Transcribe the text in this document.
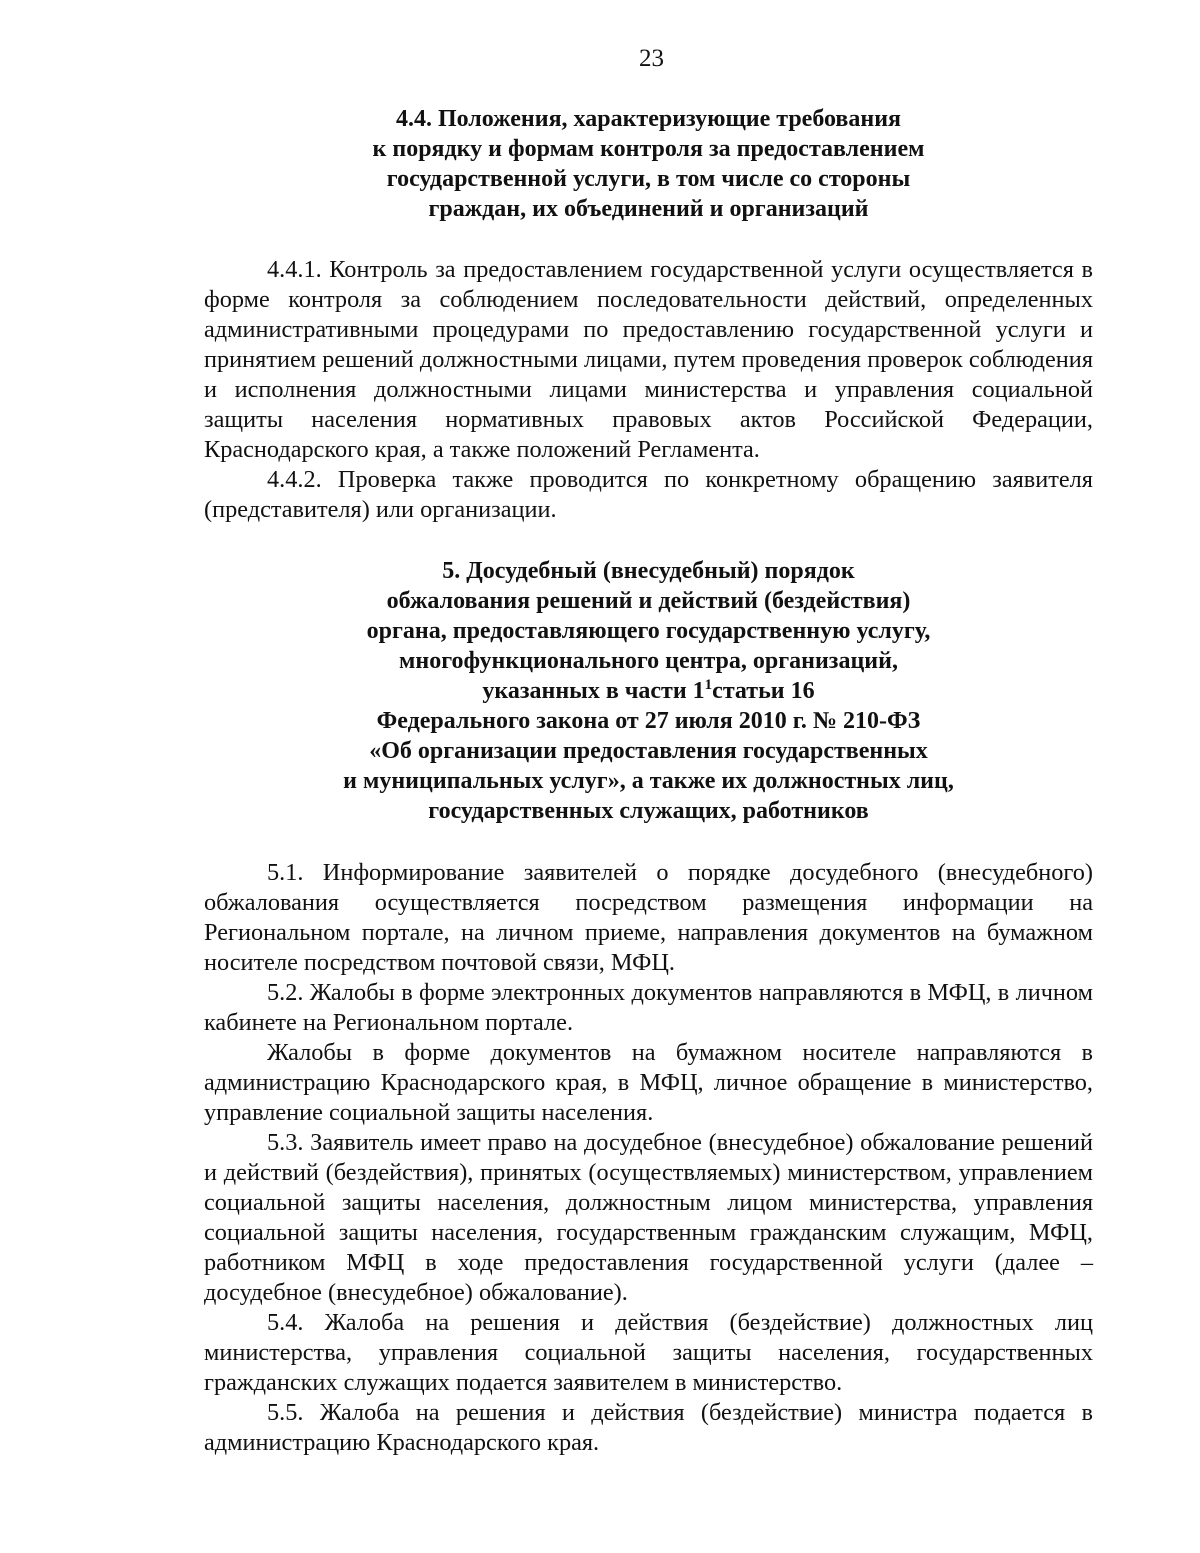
23
4.4. Положения, характеризующие требования
к порядку и формам контроля за предоставлением
государственной услуги, в том числе со стороны
граждан, их объединений и организаций

4.4.1. Контроль за предоставлением государственной услуги осуществляется в форме контроля за соблюдением последовательности действий, определенных административными процедурами по предоставлению государственной услуги и принятием решений должностными лицами, путем проведения проверок соблюдения и исполнения должностными лицами министерства и управления социальной защиты населения нормативных правовых актов Российской Федерации, Краснодарского края, а также положений Регламента.

4.4.2. Проверка также проводится по конкретному обращению заявителя (представителя) или организации.

5. Досудебный (внесудебный) порядок
обжалования решений и действий (бездействия)
органа, предоставляющего государственную услугу,
многофункционального центра, организаций,
указанных в части $1^1статьи$ 16
Федерального закона от 27 июля 2010 г. № 210-ФЗ
«Об организации предоставления государственных
и муниципальных услуг», а также их должностных лиц,
государственных служащих, работников

5.1. Информирование заявителей о порядке досудебного (внесудебного) обжалования осуществляется посредством размещения информации на Региональном портале, на личном приеме, направления документов на бумажном носителе посредством почтовой связи, МФЦ.

5.2. Жалобы в форме электронных документов направляются в МФЦ, в личном кабинете на Региональном портале.

Жалобы в форме документов на бумажном носителе направляются в администрацию Краснодарского края, в МФЦ, личное обращение в министерство, управление социальной защиты населения.

5.3. Заявитель имеет право на досудебное (внесудебное) обжалование решений и действий (бездействия), принятых (осуществляемых) министерством, управлением социальной защиты населения, должностным лицом министерства, управления социальной защиты населения, государственным гражданским служащим, МФЦ, работником МФЦ в ходе предоставления государственной услуги (далее – досудебное (внесудебное) обжалование).

5.4. Жалоба на решения и действия (бездействие) должностных лиц министерства, управления социальной защиты населения, государственных гражданских служащих подается заявителем в министерство.

5.5. Жалоба на решения и действия (бездействие) министра подается в администрацию Краснодарского края.
